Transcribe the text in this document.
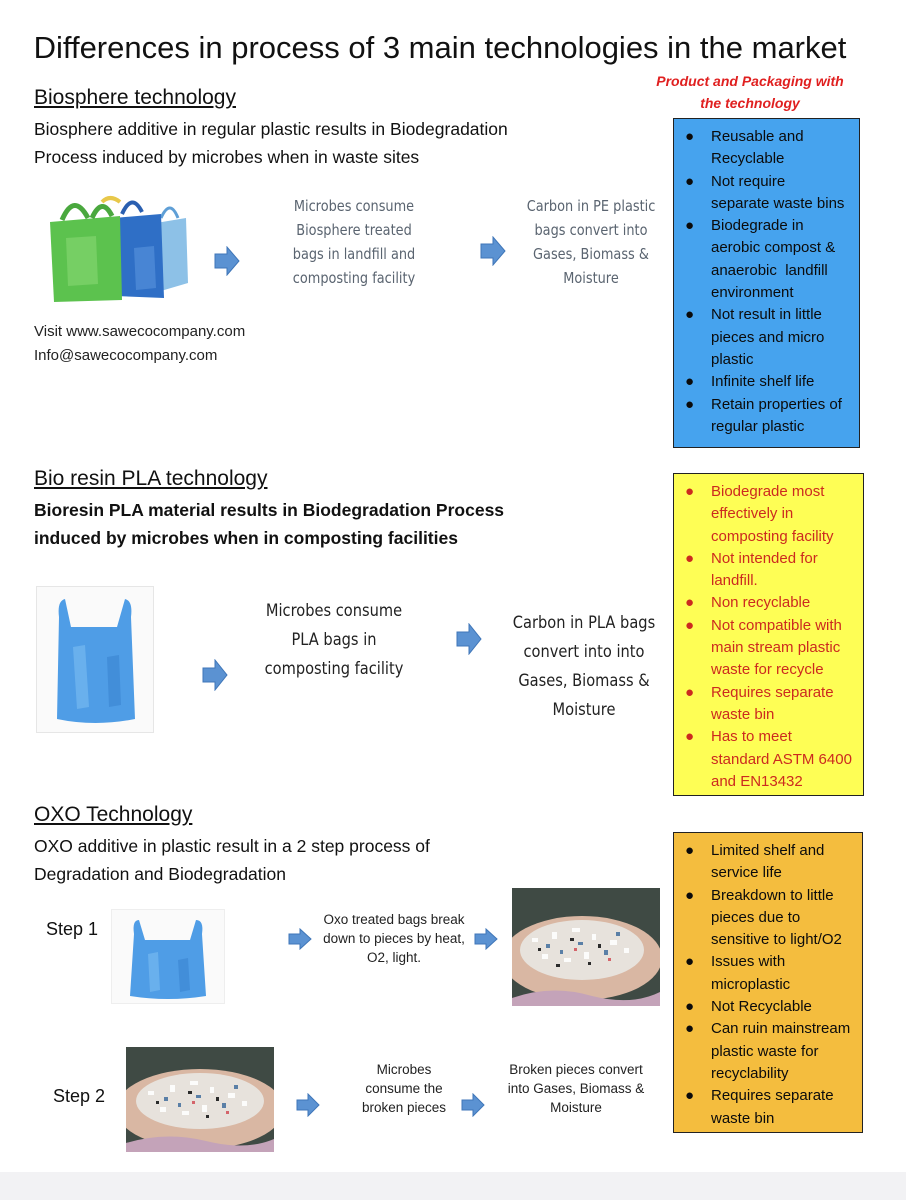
Differences in process of 3 main technologies in the market
Product and Packaging with
the technology
Biosphere technology
Biosphere additive in regular plastic results in Biodegradation
Process induced by microbes when in waste sites
Microbes consume
Biosphere treated
bags in landfill and
composting facility
Carbon in PE plastic
bags convert into
Gases, Biomass &
Moisture
Visit www.sawecocompany.com
Info@sawecocompany.com
● Reusable and
Recyclable
● Not require
separate waste bins
● Biodegrade in
aerobic compost &
anaerobic  landfill
environment
● Not result in little
pieces and micro
plastic
● Infinite shelf life
● Retain properties of
regular plastic
Bio resin PLA technology
Bioresin PLA material results in Biodegradation Process
induced by microbes when in composting facilities
Microbes consume
PLA bags in
composting facility
Carbon in PLA bags
convert into into
Gases, Biomass &
Moisture
● Biodegrade most
effectively in
composting facility
● Not intended for
landfill.
● Non recyclable
● Not compatible with
main stream plastic
waste for recycle
● Requires separate
waste bin
● Has to meet
standard ASTM 6400
and EN13432
OXO Technology
OXO additive in plastic result in a 2 step process of
Degradation and Biodegradation
Step 1	Oxo treated bags break
down to pieces by heat,
O2, light.
Step 2
Microbes
consume the
broken pieces
Broken pieces convert
into Gases, Biomass &
Moisture
● Limited shelf and
service life
● Breakdown to little
pieces due to
sensitive to light/O2
● Issues with
microplastic
● Not Recyclable
● Can ruin mainstream
plastic waste for
recyclability
● Requires separate
waste bin
